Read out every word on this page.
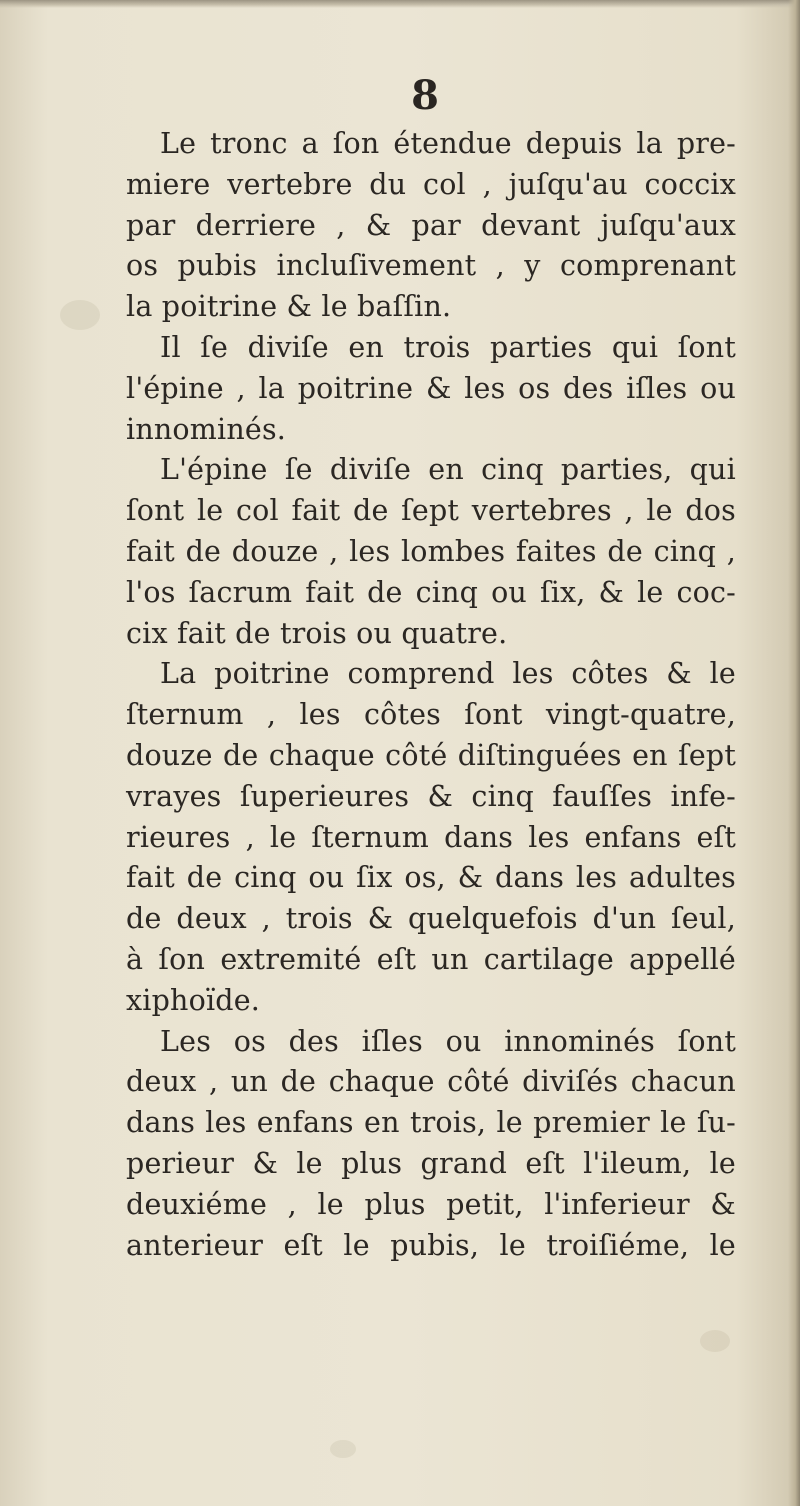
8
Le tronc a ſon étendue depuis la pre-
miere vertebre du col , juſqu'au coccix
par derriere , & par devant juſqu'aux
os pubis incluſivement , y comprenant
la poitrine & le baſſin.
Il ſe diviſe en trois parties qui ſont
l'épine , la poitrine & les os des iſles ou
innominés.
L'épine ſe diviſe en cinq parties, qui
ſont le col fait de ſept vertebres , le dos
fait de douze , les lombes faites de cinq ,
l'os ſacrum fait de cinq ou ſix, & le coc-
cix fait de trois ou quatre.
La poitrine comprend les côtes & le
ſternum , les côtes ſont vingt-quatre,
douze de chaque côté diſtinguées en ſept
vrayes ſuperieures & cinq fauſſes infe-
rieures , le ſternum dans les enfans eſt
fait de cinq ou ſix os, & dans les adultes
de deux , trois & quelquefois d'un ſeul,
à ſon extremité eſt un cartilage appellé
xiphoïde.
Les os des iſles ou innominés ſont
deux , un de chaque côté diviſés chacun
dans les enfans en trois, le premier le ſu-
perieur & le plus grand eſt l'ileum, le
deuxiéme , le plus petit, l'inferieur &
anterieur eſt le pubis, le troiſiéme, le
